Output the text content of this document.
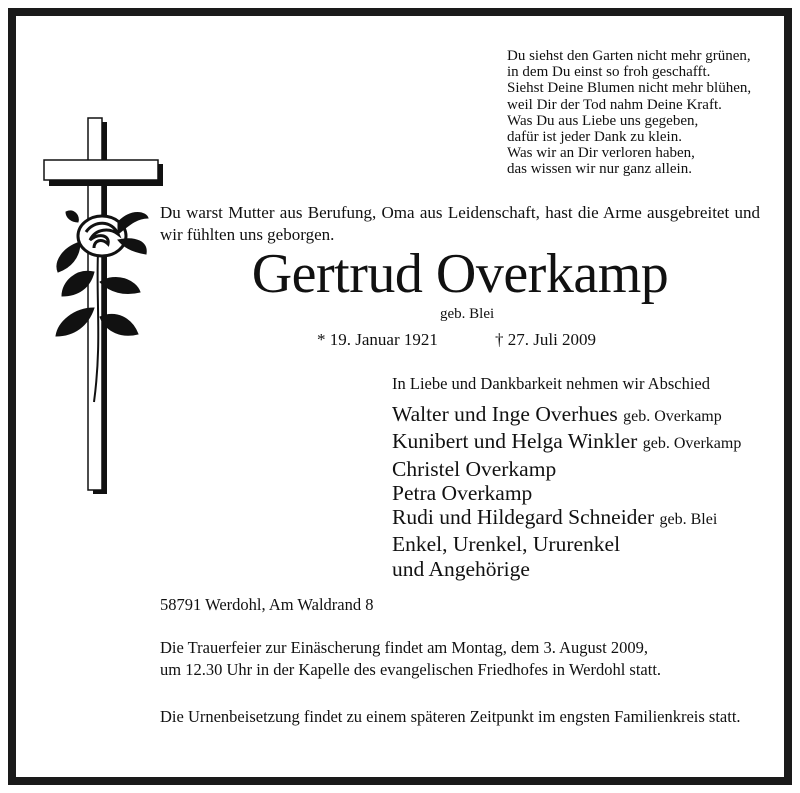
Du siehst den Garten nicht mehr grünen,
in dem Du einst so froh geschafft.
Siehst Deine Blumen nicht mehr blühen,
weil Dir der Tod nahm Deine Kraft.
Was Du aus Liebe uns gegeben,
dafür ist jeder Dank zu klein.
Was wir an Dir verloren haben,
das wissen wir nur ganz allein.
Du warst Mutter aus Berufung, Oma aus Leidenschaft, hast die Arme ausgebreitet und wir fühlten uns geborgen.
Gertrud Overkamp
geb. Blei
* 19. Januar 1921	† 27. Juli 2009
In Liebe und Dankbarkeit nehmen wir Abschied
Walter und Inge Overhues geb. Overkamp
Kunibert und Helga Winkler geb. Overkamp
Christel Overkamp
Petra Overkamp
Rudi und Hildegard Schneider geb. Blei
Enkel, Urenkel, Ururenkel
und Angehörige
58791 Werdohl, Am Waldrand 8
Die Trauerfeier zur Einäscherung findet am Montag, dem 3. August 2009,
um 12.30 Uhr in der Kapelle des evangelischen Friedhofes in Werdohl statt.
Die Urnenbeisetzung findet zu einem späteren Zeitpunkt im engsten Familienkreis statt.
